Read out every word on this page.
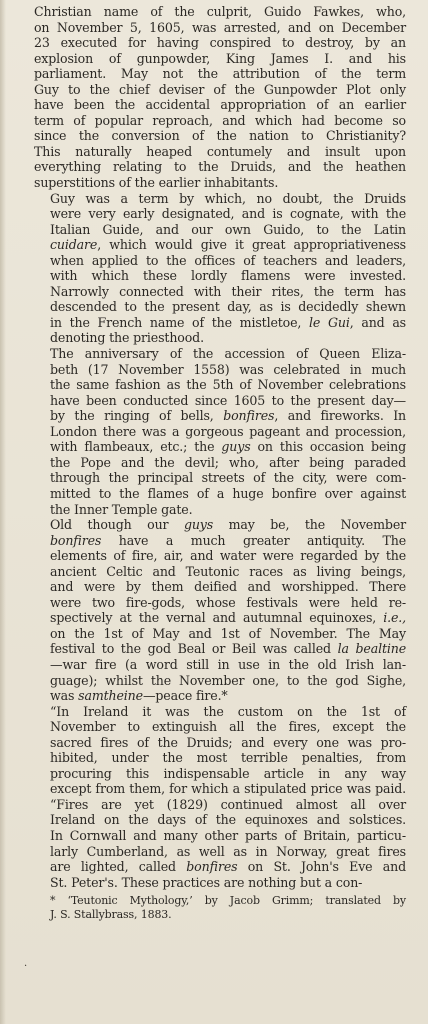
Christian name of the culprit, Guido Fawkes, who,
on November 5, 1605, was arrested, and on December
23 executed for having conspired to destroy, by an
explosion of gunpowder, King James I. and his
parliament. May not the attribution of the term
Guy to the chief deviser of the Gunpowder Plot only
have been the accidental appropriation of an earlier
term of popular reproach, and which had become so
since the conversion of the nation to Christianity?
This naturally heaped contumely and insult upon
everything relating to the Druids, and the heathen
superstitions of the earlier inhabitants.
Guy was a term by which, no doubt, the Druids
were very early designated, and is cognate, with the
Italian Guide, and our own Guido, to the Latin
cuidare, which would give it great appropriativeness
when applied to the offices of teachers and leaders,
with which these lordly flamens were invested.
Narrowly connected with their rites, the term has
descended to the present day, as is decidedly shewn
in the French name of the mistletoe, le Gui, and as
denoting the priesthood.
The anniversary of the accession of Queen Eliza-
beth (17 November 1558) was celebrated in much
the same fashion as the 5th of November celebrations
have been conducted since 1605 to the present day—
by the ringing of bells, bonfires, and fireworks. In
London there was a gorgeous pageant and procession,
with flambeaux, etc.; the guys on this occasion being
the Pope and the devil; who, after being paraded
through the principal streets of the city, were com-
mitted to the flames of a huge bonfire over against
the Inner Temple gate.
Old though our guys may be, the November
bonfires have a much greater antiquity. The
elements of fire, air, and water were regarded by the
ancient Celtic and Teutonic races as living beings,
and were by them deified and worshipped. There
were two fire-gods, whose festivals were held re-
spectively at the vernal and autumnal equinoxes, i.e.,
on the 1st of May and 1st of November. The May
festival to the god Beal or Beil was called la bealtine
—war fire (a word still in use in the old Irish lan-
guage); whilst the November one, to the god Sighe,
was samtheine—peace fire.*
“In Ireland it was the custom on the 1st of
November to extinguish all the fires, except the
sacred fires of the Druids; and every one was pro-
hibited, under the most terrible penalties, from
procuring this indispensable article in any way
except from them, for which a stipulated price was paid.
“Fires are yet (1829) continued almost all over
Ireland on the days of the equinoxes and solstices.
In Cornwall and many other parts of Britain, particu-
larly Cumberland, as well as in Norway, great fires
are lighted, called bonfires on St. John's Eve and
St. Peter's. These practices are nothing but a con-
* ‘Teutonic Mythology,’ by Jacob Grimm; translated by
J. S. Stallybrass, 1883.
.
